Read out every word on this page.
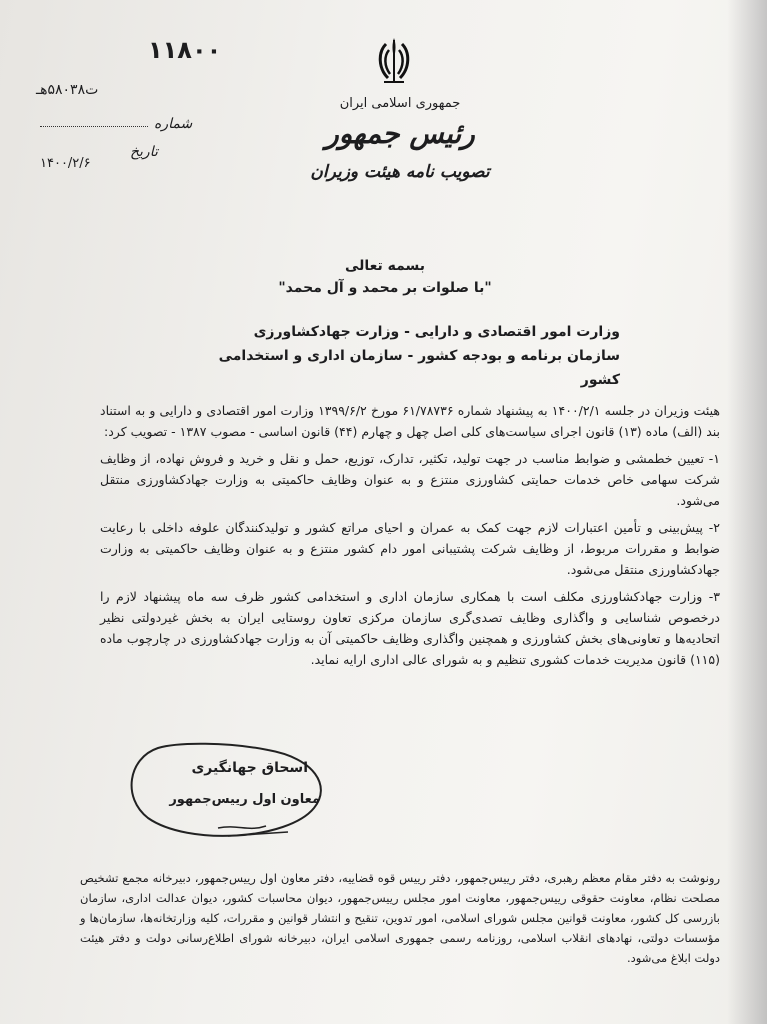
۱۱۸۰۰
ت۵۸۰۳۸هـ
شماره
تاریخ
۱۴۰۰/۲/۶
جمهوری اسلامی ایران
رئیس جمهور
تصویب نامه هیئت وزیران
بسمه تعالی
"با صلوات بر محمد و آل محمد"
وزارت امور اقتصادی و دارایی - وزارت جهادکشاورزی
سازمان برنامه و بودجه کشور - سازمان اداری و استخدامی کشور

هیئت وزیران در جلسه ۱۴۰۰/۲/۱ به پیشنهاد شماره ۶۱/۷۸۷۳۶ مورخ ۱۳۹۹/۶/۲ وزارت امور اقتصادی و دارایی و به استناد بند (الف) ماده (۱۳) قانون اجرای سیاست‌های کلی اصل چهل و چهارم (۴۴) قانون اساسی - مصوب ۱۳۸۷ - تصویب کرد:

۱- تعیین خطمشی و ضوابط مناسب در جهت تولید، تکثیر، تدارک، توزیع، حمل و نقل و خرید و فروش نهاده، از وظایف شرکت سهامی خاص خدمات حمایتی کشاورزی منتزع و به عنوان وظایف حاکمیتی به وزارت جهادکشاورزی منتقل می‌شود.

۲- پیش‌بینی و تأمین اعتبارات لازم جهت کمک به عمران و احیای مراتع کشور و تولیدکنندگان علوفه داخلی با رعایت ضوابط و مقررات مربوط، از وظایف شرکت پشتیبانی امور دام کشور منتزع و به عنوان وظایف حاکمیتی به وزارت جهادکشاورزی منتقل می‌شود.

۳- وزارت جهادکشاورزی مکلف است با همکاری سازمان اداری و استخدامی کشور ظرف سه ماه پیشنهاد لازم را درخصوص شناسایی و واگذاری وظایف تصدی‌گری سازمان مرکزی تعاون روستایی ایران به بخش غیردولتی نظیر اتحادیه‌ها و تعاونی‌های بخش کشاورزی و همچنین واگذاری وظایف حاکمیتی آن به وزارت جهادکشاورزی در چارچوب ماده (۱۱۵) قانون مدیریت خدمات کشوری تنظیم و به شورای عالی اداری ارایه نماید.

اسحاق جهانگیری
معاون اول رییس‌جمهور

رونوشت به دفتر مقام معظم رهبری، دفتر رییس‌جمهور، دفتر رییس قوه قضاییه، دفتر معاون اول رییس‌جمهور، دبیرخانه مجمع تشخیص مصلحت نظام، معاونت حقوقی رییس‌جمهور، معاونت امور مجلس رییس‌جمهور، دیوان محاسبات کشور، دیوان عدالت اداری، سازمان بازرسی کل کشور، معاونت قوانین مجلس شورای اسلامی، امور تدوین، تنقیح و انتشار قوانین و مقررات، کلیه وزارتخانه‌ها، سازمان‌ها و مؤسسات دولتی، نهادهای انقلاب اسلامی، روزنامه رسمی جمهوری اسلامی ایران، دبیرخانه شورای اطلاع‌رسانی دولت و دفتر هیئت دولت ابلاغ می‌شود.
